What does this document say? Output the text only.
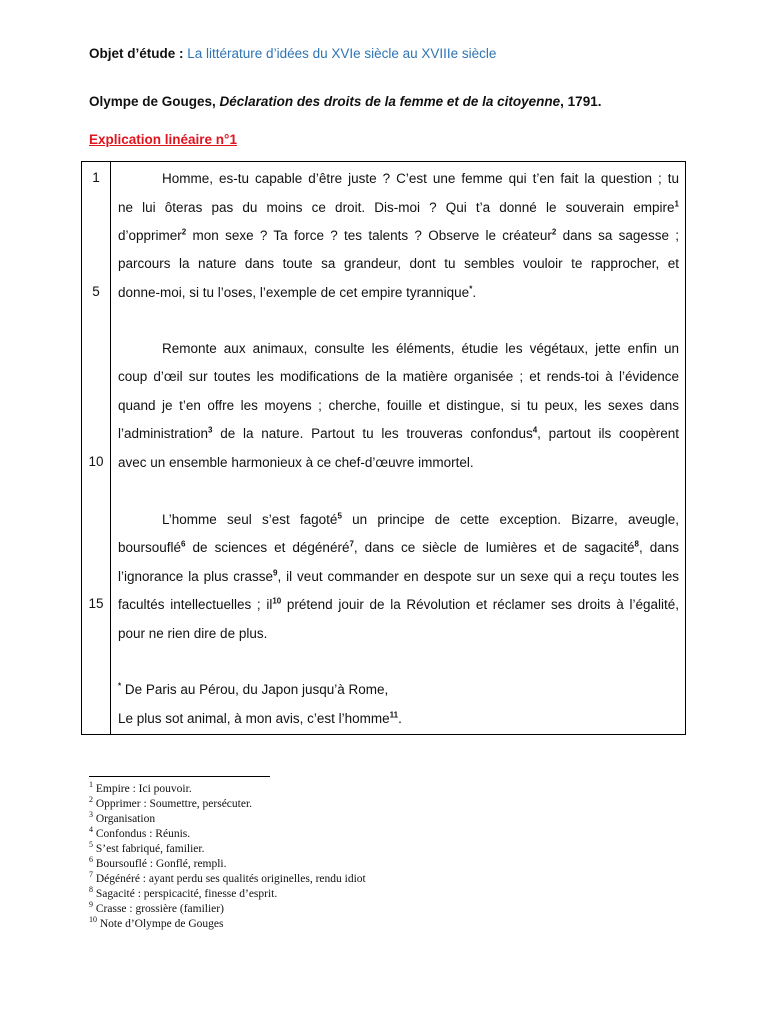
Objet d’étude : La littérature d’idées du XVIe siècle au XVIIIe siècle
Olympe de Gouges, Déclaration des droits de la femme et de la citoyenne, 1791.
Explication linéaire n°1
1
5
10
15
Homme, es-tu capable d’être juste ? C’est une femme qui t’en fait la question ; tu
ne lui ôteras pas du moins ce droit. Dis-moi ? Qui t’a donné le souverain empire$^1$
d’opprimer$^2$ mon sexe ? Ta force ? tes talents ? Observe le créateur$^2$ dans sa sagesse ;
parcours la nature dans toute sa grandeur, dont tu sembles vouloir te rapprocher, et
donne-moi, si tu l’oses, l’exemple de cet empire tyrannique*.
Remonte aux animaux, consulte les éléments, étudie les végétaux, jette enfin un
coup d’œil sur toutes les modifications de la matière organisée ; et rends-toi à l’évidence
quand je t’en offre les moyens ; cherche, fouille et distingue, si tu peux, les sexes dans
l’administration$^3$ de la nature. Partout tu les trouveras confondus$^4$, partout ils coopèrent
avec un ensemble harmonieux à ce chef-d’œuvre immortel.
L’homme seul s’est fagoté$^5$ un principe de cette exception. Bizarre, aveugle,
boursouflé$^6$ de sciences et dégénéré$^7$, dans ce siècle de lumières et de sagacité$^8$, dans
l’ignorance la plus crasse$^9$, il veut commander en despote sur un sexe qui a reçu toutes les
facultés intellectuelles ; $il^{10}$ prétend jouir de la Révolution et réclamer ses droits à l’égalité,
pour ne rien dire de plus.
* De Paris au Pérou, du Japon jusqu’à Rome,
Le plus sot animal, à mon avis, c’est l’homme$^{11}$.
$^1$ Empire : Ici pouvoir.
$^2$ Opprimer : Soumettre, persécuter.
$^3$ Organisation
$^4$ Confondus : Réunis.
$^5$ S’est fabriqué, familier.
$^6$ Boursouflé : Gonflé, rempli.
$^7$ Dégénéré : ayant perdu ses qualités originelles, rendu idiot
$^8$ Sagacité : perspicacité, finesse d’esprit.
$^9$ Crasse : grossière (familier)
$^{10}$ Note d’Olympe de Gouges
